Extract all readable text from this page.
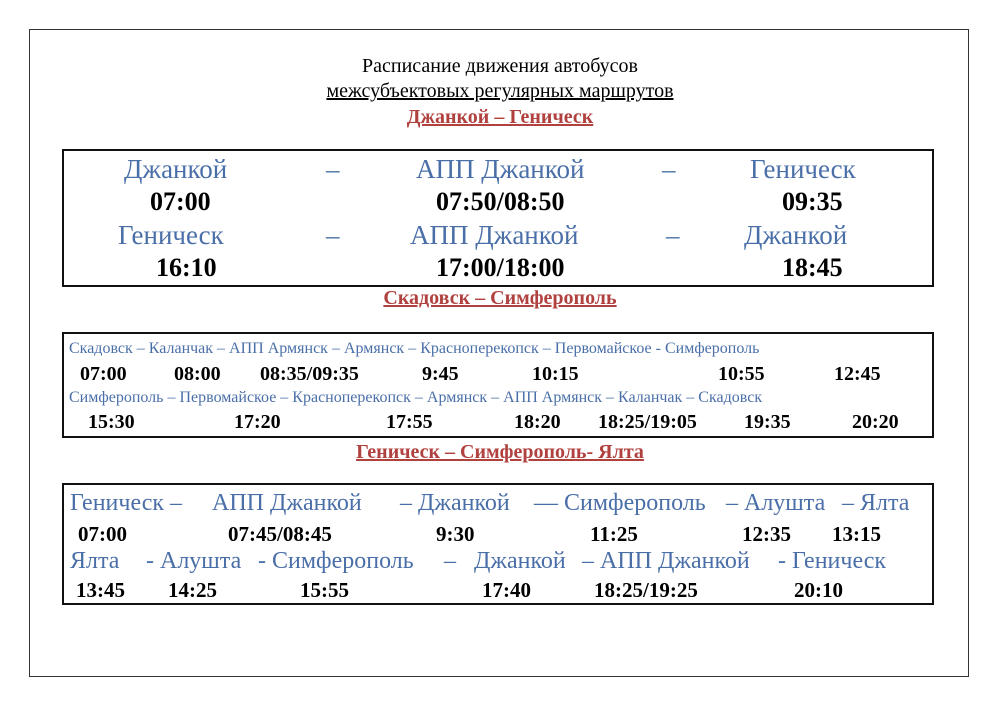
Расписание движения автобусов
межсубъектовых регулярных маршрутов
Джанкой – Геническ
Джанкой	–	АПП Джанкой	–	Геническ
07:00	07:50/08:50	09:35
Геническ	–	АПП Джанкой	– Джанкой
16:10	17:00/18:00	18:45
Скадовск – Симферополь
Скадовск – Каланчак – АПП Армянск – Армянск – Красноперекопск – Первомайское - Симферополь
07:00 08:00 08:35/09:35	9:45	10:15	10:55	12:45
Симферополь – Первомайское – Красноперекопск – Армянск – АПП Армянск – Каланчак – Скадовск
15:30	17:20	17:55	18:20 18:25/19:05 19:35	20:20
Геническ – Симферополь- Ялта
Геническ – АПП Джанкой – Джанкой — Симферополь – Алушта – Ялта
07:00	07:45/08:45	9:30	11:25	12:35 13:15
Ялта - Алушта - Симферополь – Джанкой – АПП Джанкой - Геническ
13:45 14:25	15:55	17:40	18:25/19:25	20:10
